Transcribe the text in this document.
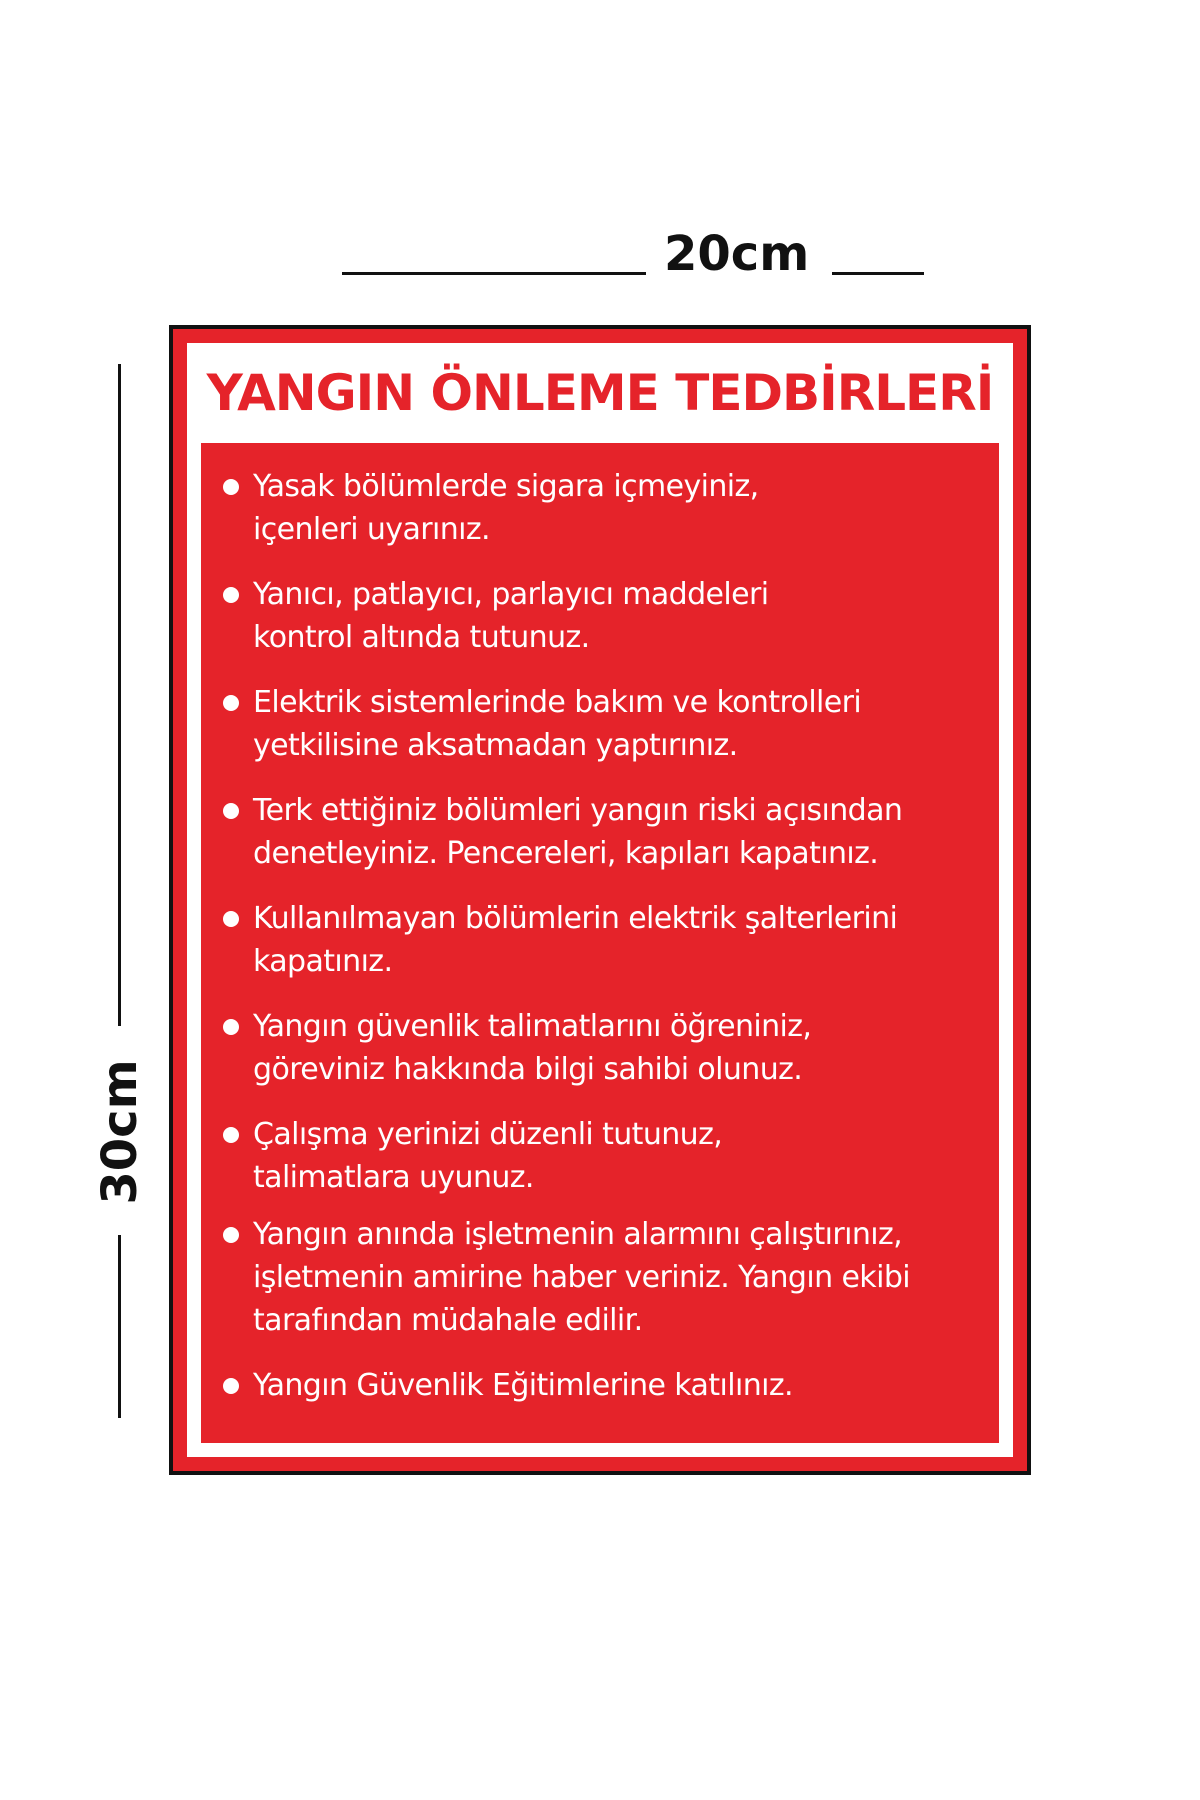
20cm
30cm
YANGIN ÖNLEME TEDBİRLERİ
Yasak bölümlerde sigara içmeyiniz,
içenleri uyarınız.
Yanıcı, patlayıcı, parlayıcı maddeleri
kontrol altında tutunuz.
Elektrik sistemlerinde bakım ve kontrolleri
yetkilisine aksatmadan yaptırınız.
Terk ettiğiniz bölümleri yangın riski açısından
denetleyiniz. Pencereleri, kapıları kapatınız.
Kullanılmayan bölümlerin elektrik şalterlerini
kapatınız.
Yangın güvenlik talimatlarını öğreniniz,
göreviniz hakkında bilgi sahibi olunuz.
Çalışma yerinizi düzenli tutunuz,
talimatlara uyunuz.
Yangın anında işletmenin alarmını çalıştırınız,
işletmenin amirine haber veriniz. Yangın ekibi
tarafından müdahale edilir.
Yangın Güvenlik Eğitimlerine katılınız.
